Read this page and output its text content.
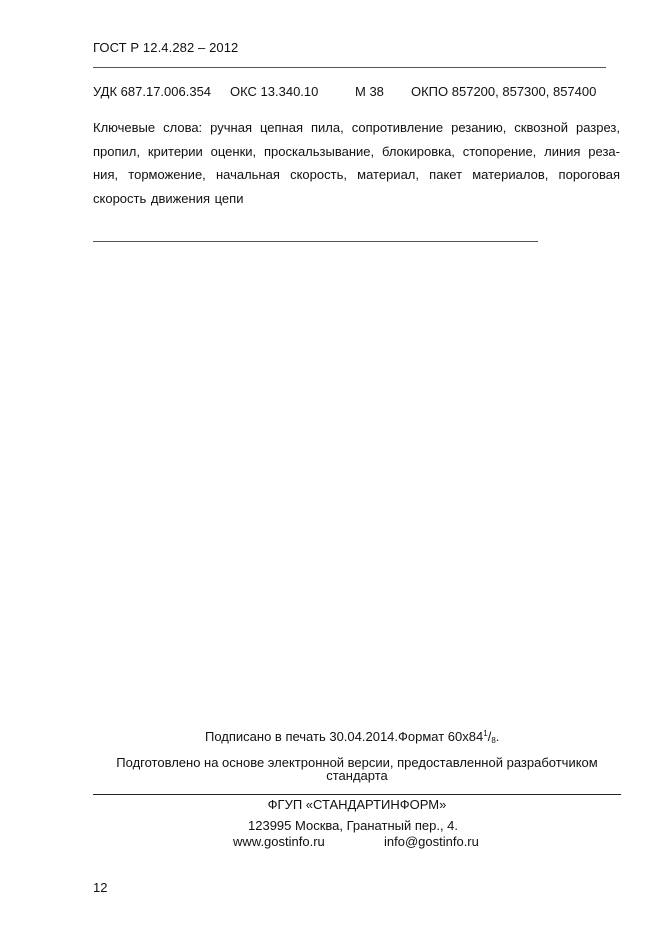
ГОСТ Р 12.4.282 – 2012
УДК 687.17.006.354 ОКС 13.340.10	М 38 ОКПО 857200, 857300, 857400
Ключевые слова: ручная цепная пила, сопротивление резанию, сквозной разрез, пропил, критерии оценки, проскальзывание, блокировка, стопорение, линия реза-ния, торможение, начальная скорость, материал, пакет материалов, пороговая скорость движения цепи
Подписано в печать 30.04.2014.Формат $60х84^1/_8$.
Подготовлено на основе электронной версии, предоставленной разработчиком стандарта
ФГУП «СТАНДАРТИНФОРМ»
123995 Москва, Гранатный пер., 4.
www.gostinfo.ru	info@gostinfo.ru
12
